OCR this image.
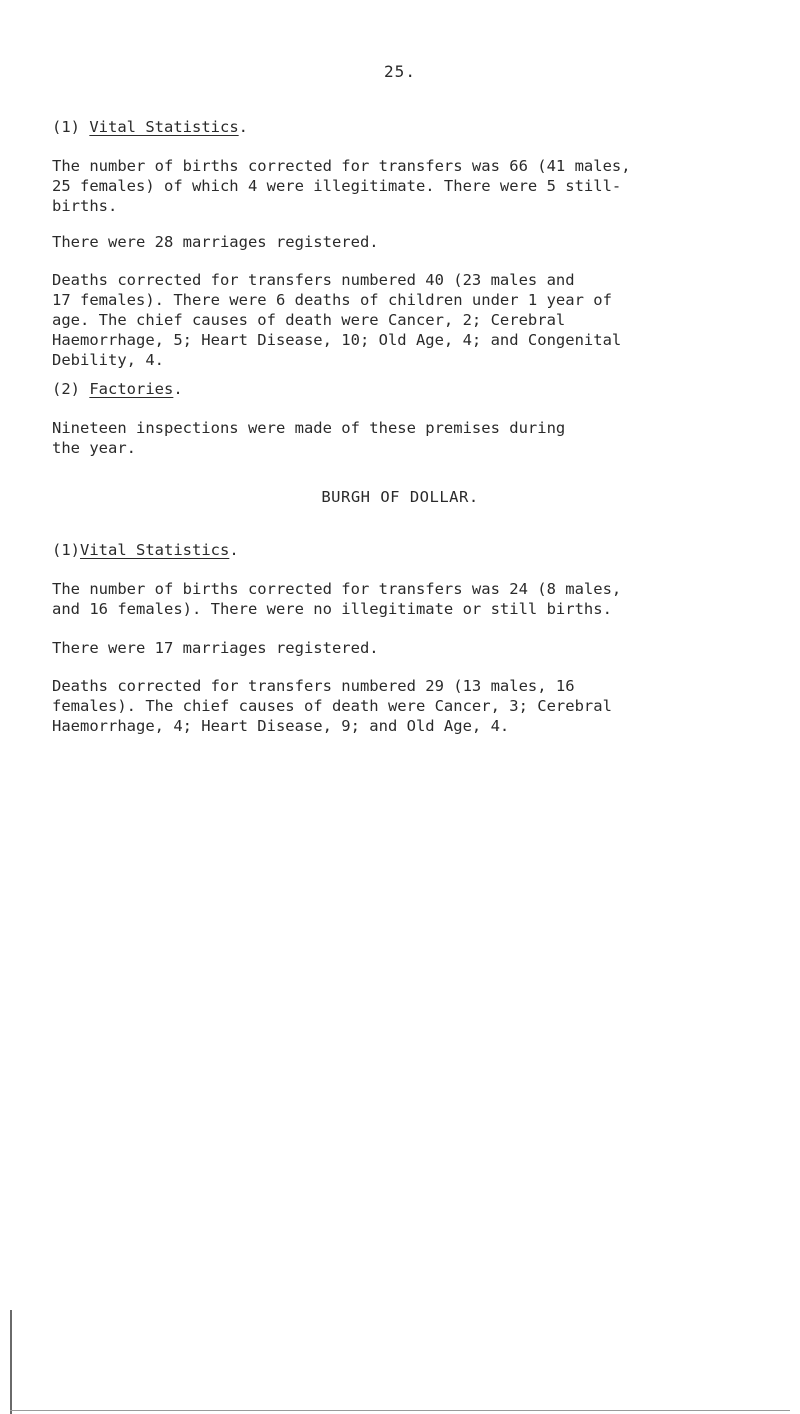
25.
(1) Vital Statistics.
The number of births corrected for transfers was 66 (41 males,
25 females) of which 4 were illegitimate. There were 5 still-
births.
There were 28 marriages registered.
Deaths corrected for transfers numbered 40 (23 males and
17 females). There were 6 deaths of children under 1 year of
age. The chief causes of death were Cancer, 2; Cerebral
Haemorrhage, 5; Heart Disease, 10; Old Age, 4; and Congenital
Debility, 4.
(2) Factories.
Nineteen inspections were made of these premises during
the year.
BURGH OF DOLLAR.
(1)Vital Statistics.
The number of births corrected for transfers was 24 (8 males,
and 16 females). There were no illegitimate or still births.
There were 17 marriages registered.
Deaths corrected for transfers numbered 29 (13 males, 16
females). The chief causes of death were Cancer, 3; Cerebral
Haemorrhage, 4; Heart Disease, 9; and Old Age, 4.
